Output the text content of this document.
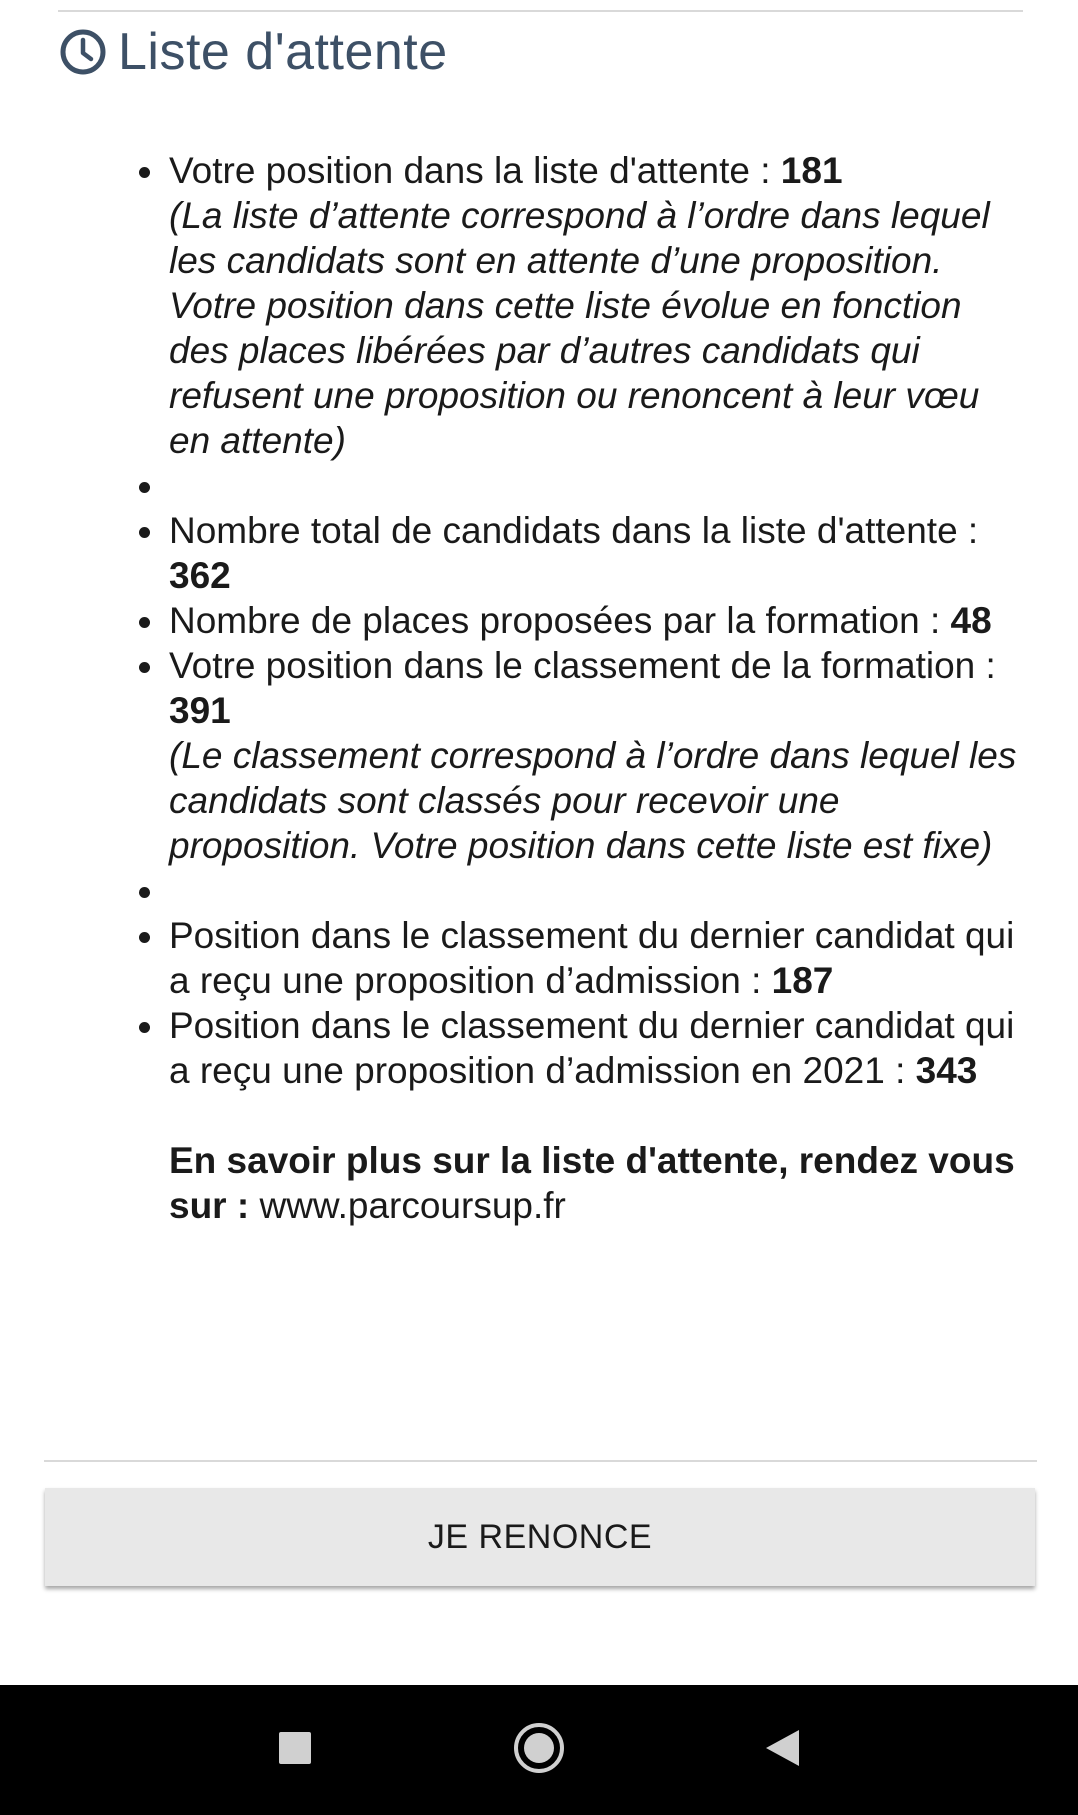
Liste d'attente
Votre position dans la liste d'attente : 181
(La liste d’attente correspond à l’ordre dans lequel les candidats sont en attente d’une proposition. Votre position dans cette liste évolue en fonction des places libérées par d’autres candidats qui refusent une proposition ou renoncent à leur vœu en attente)
Nombre total de candidats dans la liste d'attente : 362
Nombre de places proposées par la formation : 48
Votre position dans le classement de la formation : 391
(Le classement correspond à l’ordre dans lequel les candidats sont classés pour recevoir une proposition. Votre position dans cette liste est fixe)
Position dans le classement du dernier candidat qui a reçu une proposition d’admission : 187
Position dans le classement du dernier candidat qui a reçu une proposition d’admission en 2021 : 343
En savoir plus sur la liste d'attente, rendez vous sur : www.parcoursup.fr
JE RENONCE
